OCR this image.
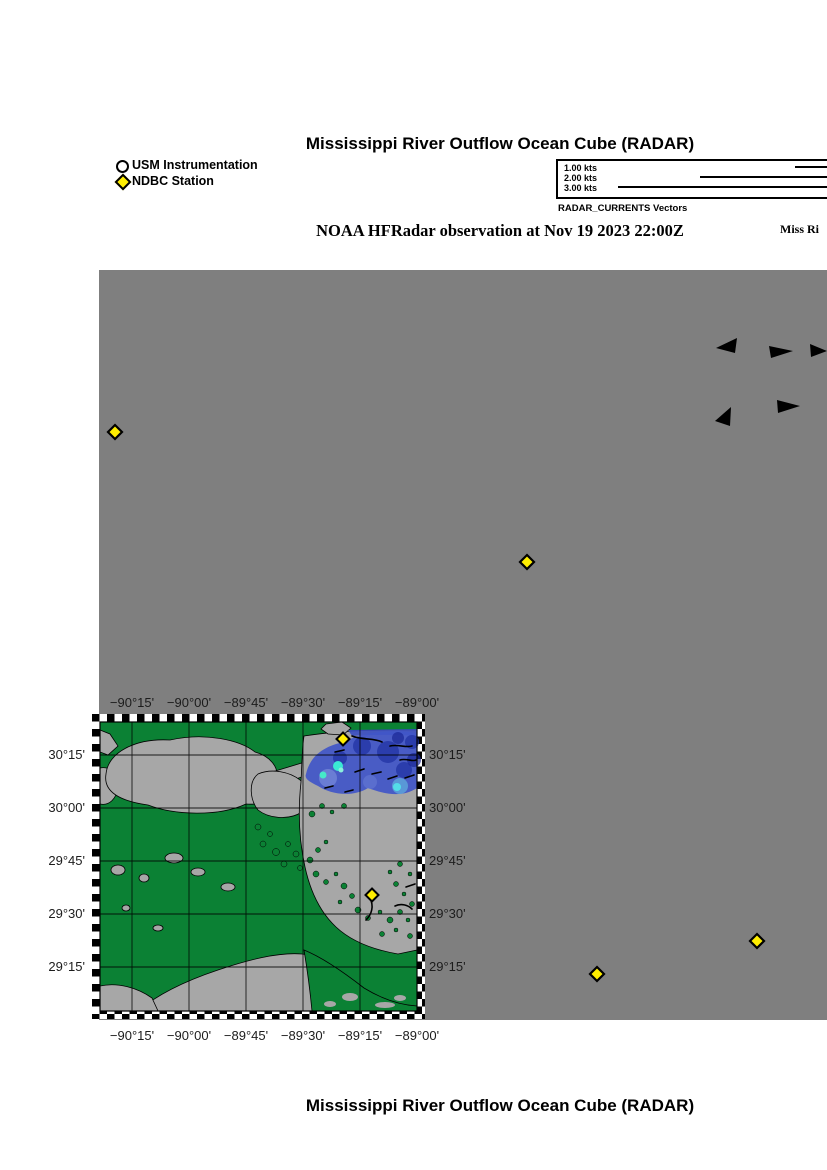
Mississippi River Outflow Ocean Cube (RADAR)
USM Instrumentation
NDBC Station
1.00 kts
2.00 kts
3.00 kts
RADAR_CURRENTS Vectors
NOAA HFRadar observation at Nov 19 2023 22:00Z	Miss Ri
−90°15' −90°00' −89°45' −89°30' −89°15' −89°00'
−90°15' −90°00' −89°45' −89°30' −89°15' −89°00'
30°15'
30°00'
29°45'
29°30'
29°15'
30°15'
30°00'
29°45'
29°30'
29°15'
Mississippi River Outflow Ocean Cube (RADAR)
